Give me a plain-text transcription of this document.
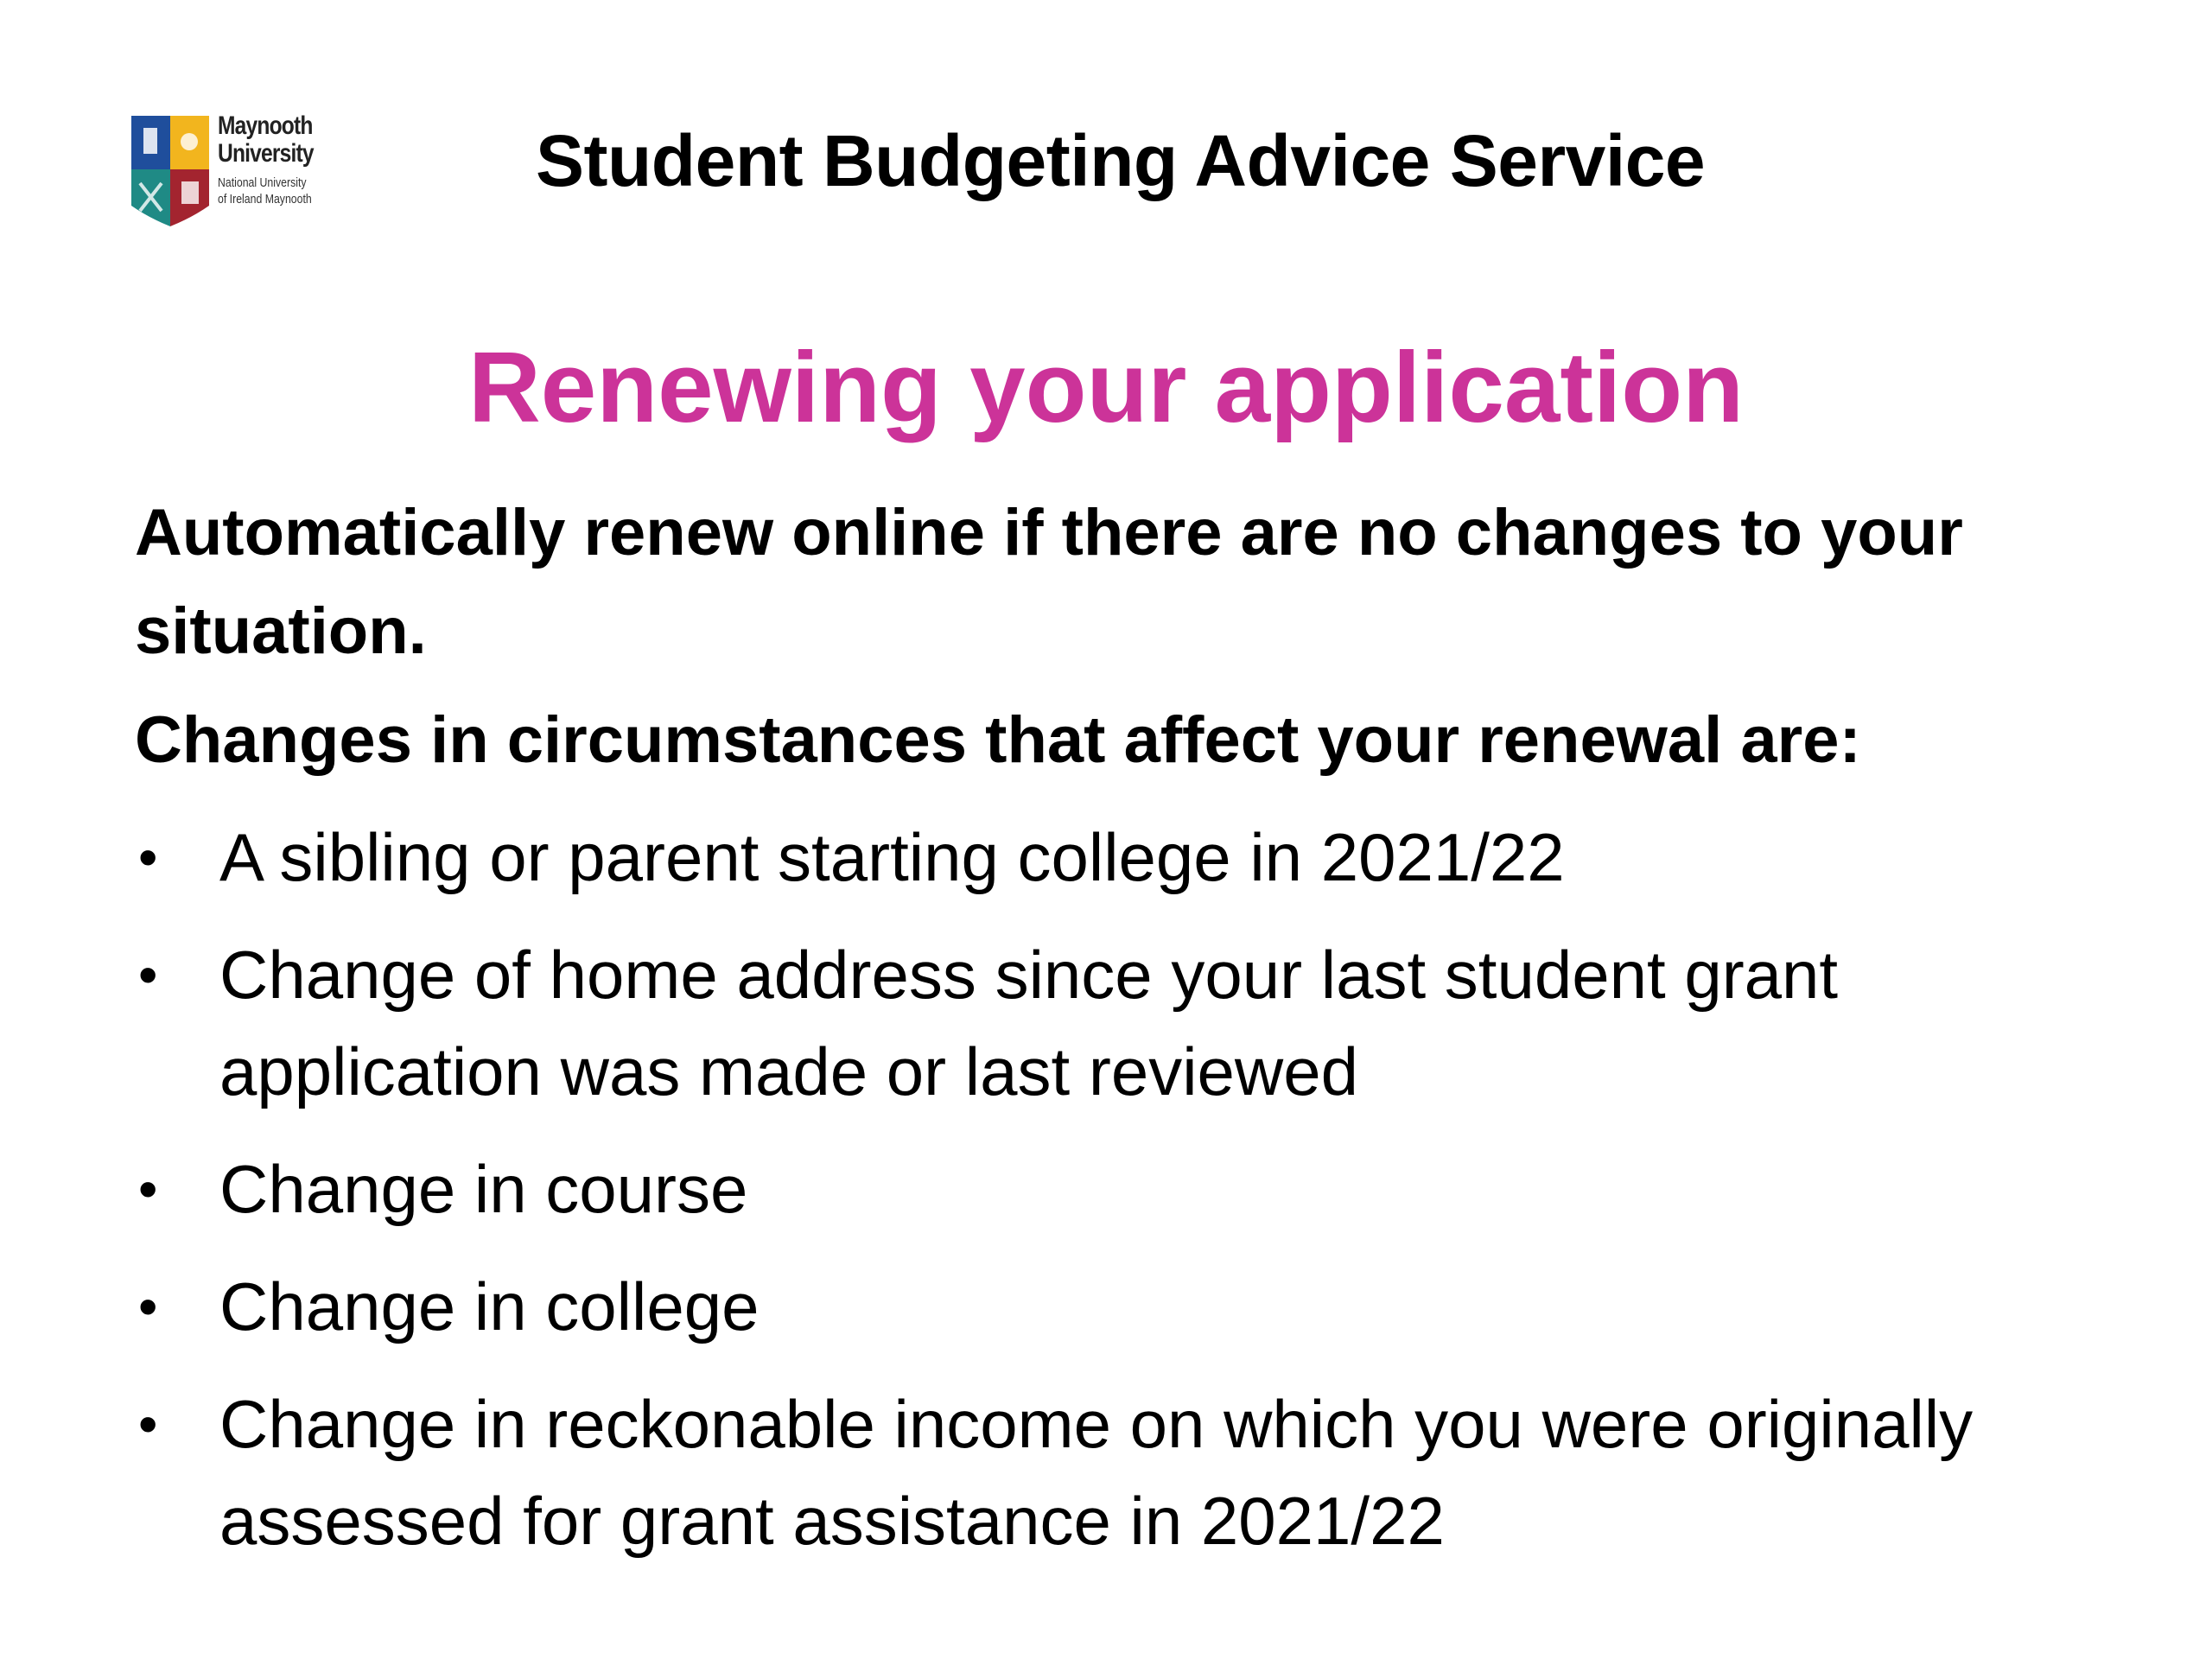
Maynooth
University
National University
of Ireland Maynooth	Student Budgeting Advice Service
Renewing your application
Automatically renew online if there are no changes to your situation.
Changes in circumstances that affect your renewal are:
• A sibling or parent starting college in 2021/22
• Change of home address since your last student grant application was made or last reviewed
• Change in course
• Change in college
• Change in reckonable income on which you were originally assessed for grant assistance in 2021/22
